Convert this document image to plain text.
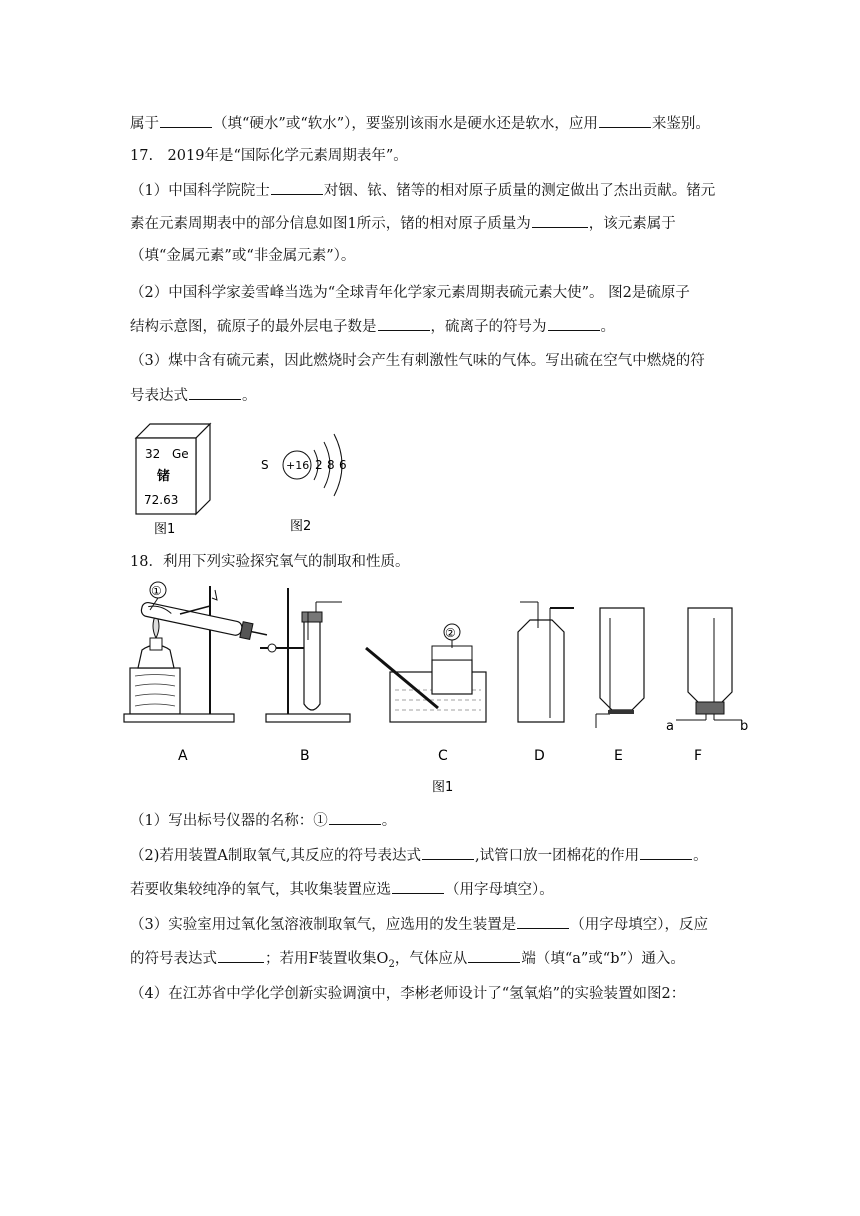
属于	（填“硬水”或“软水”），要鉴别该雨水是硬水还是软水，应用	来鉴别。
17.　2019年是“国际化学元素周期表年”。
（1）中国科学院院士	对铟、铱、锗等的相对原子质量的测定做出了杰出贡献。锗元
素在元素周期表中的部分信息如图1所示，锗的相对原子质量为	，该元素属于
（填“金属元素”或“非金属元素”）。
（2）中国科学家姜雪峰当选为“全球青年化学家元素周期表硫元素大使”。 图2是硫原子
结构示意图，硫原子的最外层电子数是	，硫离子的符号为	。
（3）煤中含有硫元素，因此燃烧时会产生有刺激性气味的气体。写出硫在空气中燃烧的符
号表达式	。
32 Ge
锗
72.63
图1
S +16 2 8 6
图2
18．利用下列实验探究氧气的制取和性质。
①
②
a	b
A	B	C	D	E	F
图1
（1）写出标号仪器的名称：①	。
（2)若用装置A制取氧气,其反应的符号表达式	,试管口放一团棉花的作用	。
若要收集较纯净的氧气，其收集装置应选	（用字母填空）。
（3）实验室用过氧化氢溶液制取氧气，应选用的发生装置是	（用字母填空），反应
的符号表达式	；若用F装置收集$O_2$，气体应从	端（填“a”或“b”）通入。
（4）在江苏省中学化学创新实验调演中，李彬老师设计了“氢氧焰”的实验装置如图2：
